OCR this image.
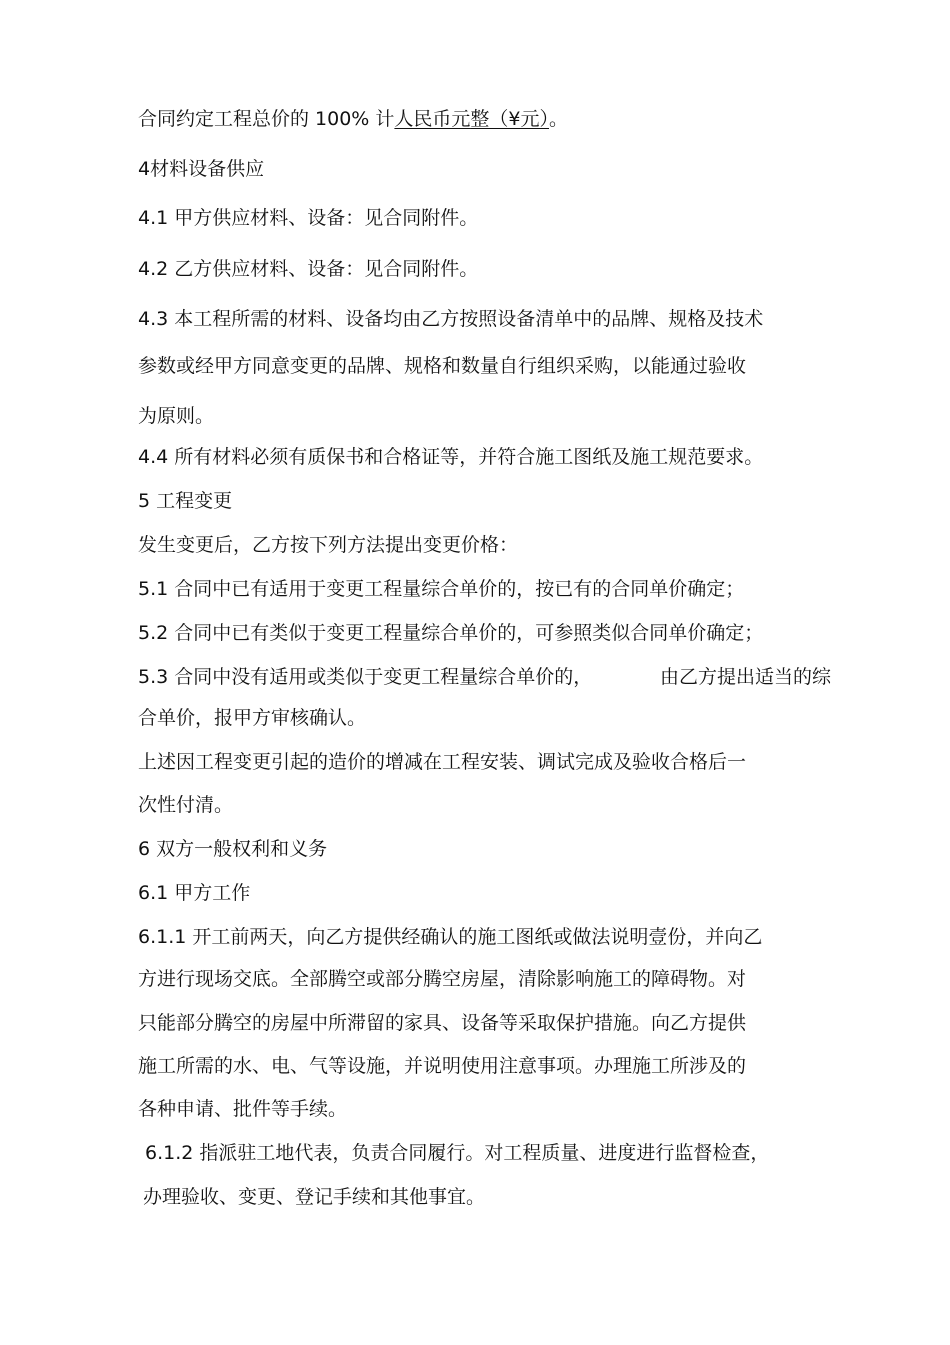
合同约定工程总价的 100% 计人民币元整（¥元）。
4材料设备供应
4.1 甲方供应材料、设备：见合同附件。
4.2 乙方供应材料、设备：见合同附件。
4.3 本工程所需的材料、设备均由乙方按照设备清单中的品牌、规格及技术
参数或经甲方同意变更的品牌、规格和数量自行组织采购，以能通过验收
为原则。
4.4 所有材料必须有质保书和合格证等，并符合施工图纸及施工规范要求。
5 工程变更
发生变更后，乙方按下列方法提出变更价格：
5.1 合同中已有适用于变更工程量综合单价的，按已有的合同单价确定；
5.2 合同中已有类似于变更工程量综合单价的，可参照类似合同单价确定；
5.3 合同中没有适用或类似于变更工程量综合单价的，	由乙方提出适当的综
合单价，报甲方审核确认。
上述因工程变更引起的造价的增减在工程安装、调试完成及验收合格后一
次性付清。
6 双方一般权利和义务
6.1 甲方工作
6.1.1 开工前两天，向乙方提供经确认的施工图纸或做法说明壹份，并向乙
方进行现场交底。全部腾空或部分腾空房屋，清除影响施工的障碍物。对
只能部分腾空的房屋中所滞留的家具、设备等采取保护措施。向乙方提供
施工所需的水、电、气等设施，并说明使用注意事项。办理施工所涉及的
各种申请、批件等手续。
6.1.2 指派驻工地代表，负责合同履行。对工程质量、进度进行监督检查，
办理验收、变更、登记手续和其他事宜。
